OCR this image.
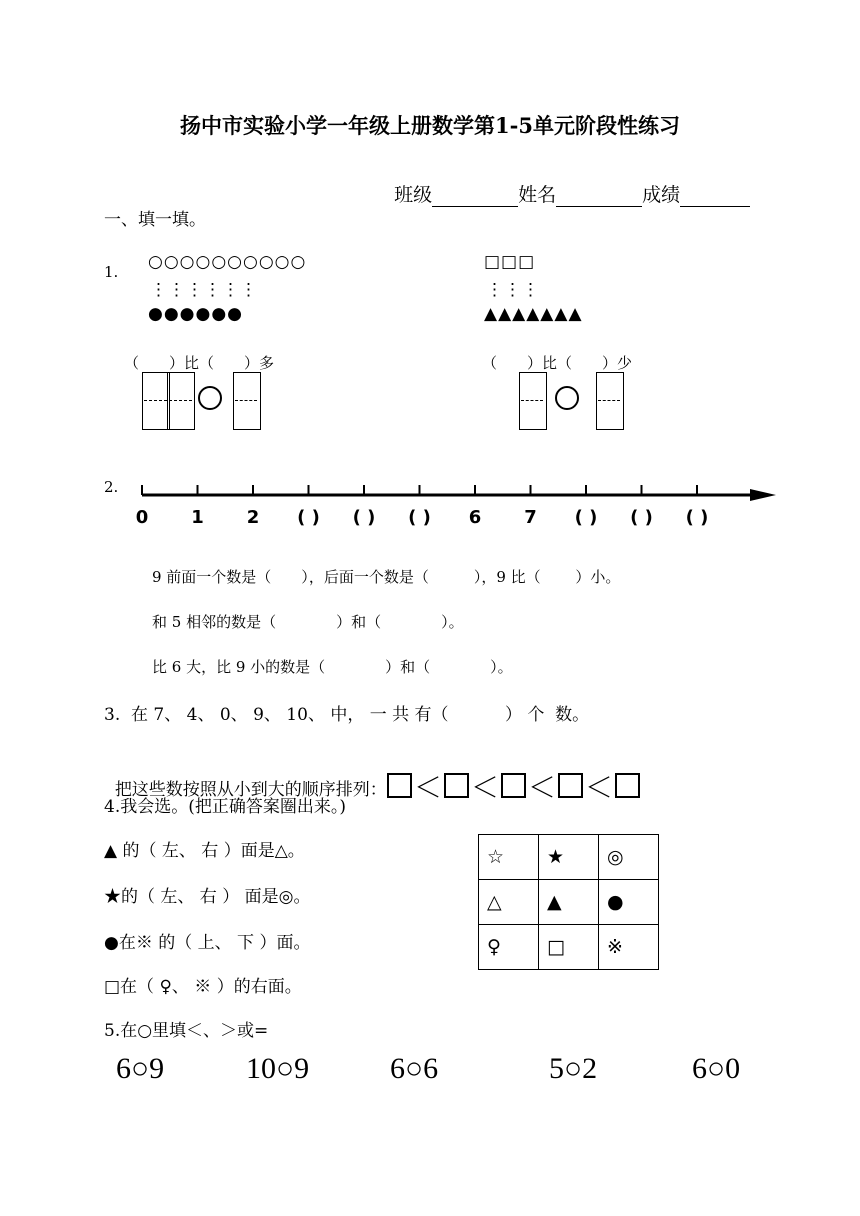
扬中市实验小学一年级上册数学第1-5单元阶段性练习

班级	姓名	成绩

一、填一填。
1. ○○○○○○○○○○
⋮⋮⋮⋮⋮⋮
●●●●●●
□□□
⋮⋮⋮
▲▲▲▲▲▲▲
（　　）比（　　）多	（　　）比（　　）少
2.
0 1 2 ( ) ( ) ( ) 6 7 ( ) ( ) ( )
9 前面一个数是（　　），后面一个数是（　　　），9 比（　　 ）小。
和 5 相邻的数是（　　　　）和（　　　　）。
比 6 大，比 9 小的数是（　　　　）和（　　　　）。
3.  在 7、 4、 0、 9、 10、 中， 一 共 有（　　　 ） 个  数。

把这些数按照从小到大的顺序排列： ＜ ＜ ＜ ＜

4.我会选。(把正确答案圈出来。)
▲ 的（ 左、 右 ）面是△。
★的（ 左、 右 ） 面是◎。
●在※ 的（ 上、 下 ）面。
□在（ ♀、 ※ ）的右面。
☆	★	◎
△	▲	●
♀	□	※
5.在○里填＜、＞或=
6○9	10○9	6○6	5○2	6○0
